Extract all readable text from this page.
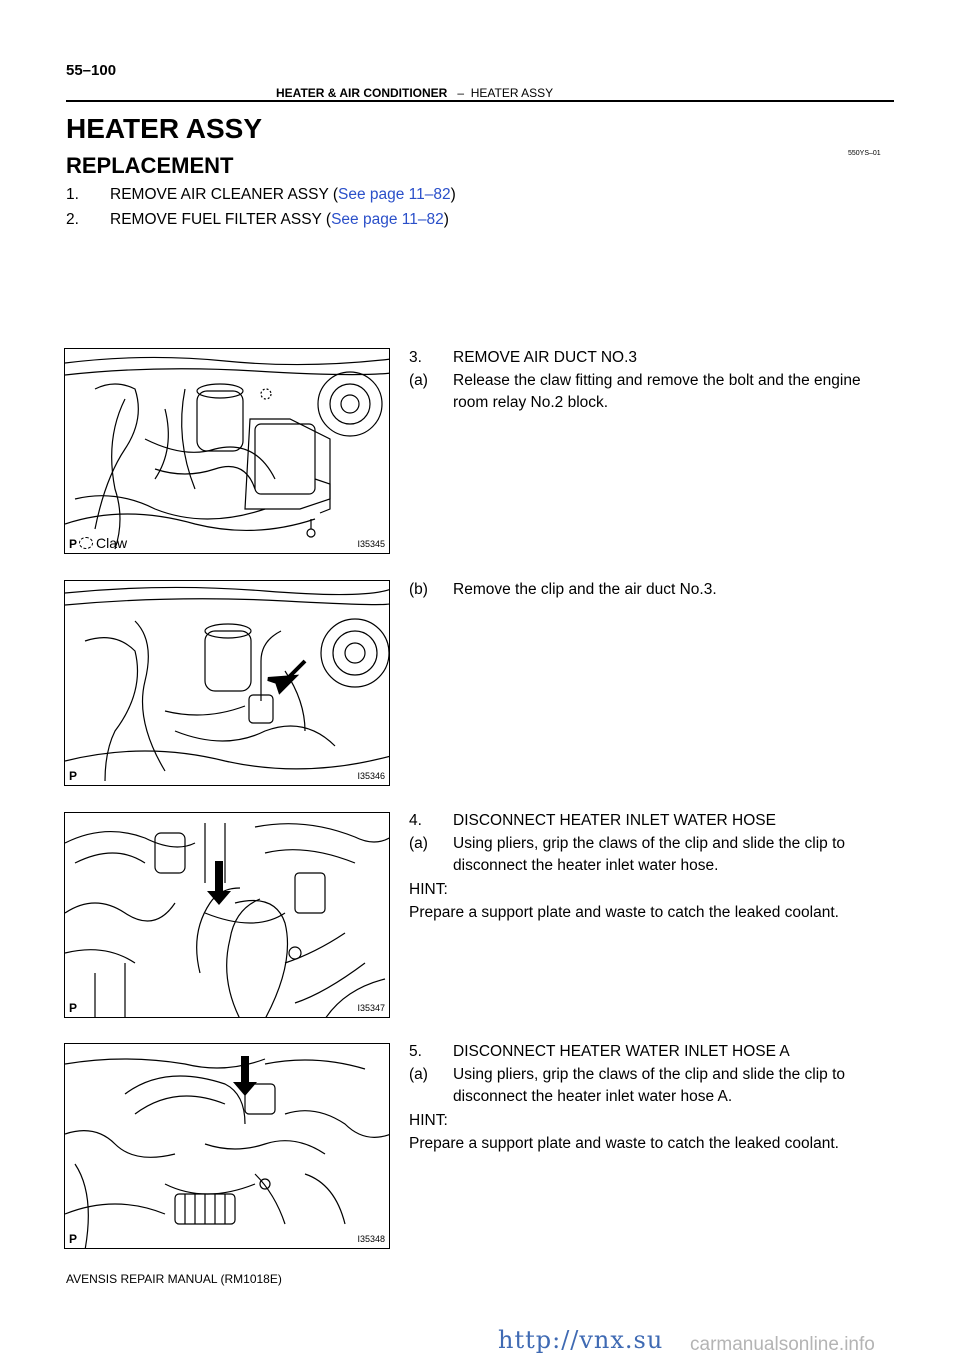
55–100
HEATER & AIR CONDITIONER – HEATER ASSY
HEATER ASSY
REPLACEMENT	550YS–01
1. REMOVE AIR CLEANER ASSY (See page 11–82)
2. REMOVE FUEL FILTER ASSY (See page 11–82)
P	Claw	I35345
P	I35346
P	I35347
P	I35348
3. REMOVE AIR DUCT NO.3
(a) Release the claw fitting and remove the bolt and the engine room relay No.2 block.
(b) Remove the clip and the air duct No.3.
4. DISCONNECT HEATER INLET WATER HOSE
(a) Using pliers, grip the claws of the clip and slide the clip to disconnect the heater inlet water hose.
HINT:
Prepare a support plate and waste to catch the leaked coolant.
5. DISCONNECT HEATER WATER INLET HOSE A
(a) Using pliers, grip the claws of the clip and slide the clip to disconnect the heater inlet water hose A.
HINT:
Prepare a support plate and waste to catch the leaked coolant.
AVENSIS REPAIR MANUAL (RM1018E)
http://vnx.su carmanualsonline.info
